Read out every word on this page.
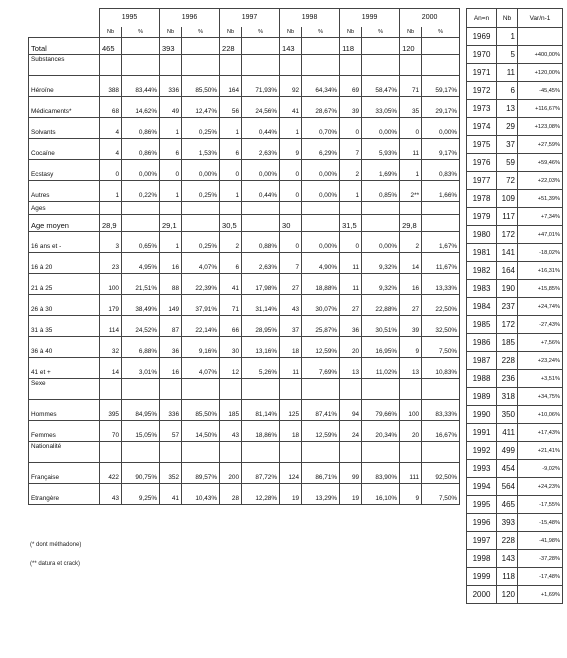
	1995		1996		1997		1998		1999		2000	
	Nb	%	Nb	%	Nb	%	Nb	%	Nb	%	Nb	%
Total	465		393		228		143		118		120	
Substances												
Héroïne	388	83,44%	336	85,50%	164	71,93%	92	64,34%	69	58,47%	71	59,17%
Médicaments*	68	14,62%	49	12,47%	56	24,56%	41	28,67%	39	33,05%	35	29,17%
Solvants	4	0,86%	1	0,25%	1	0,44%	1	0,70%	0	0,00%	0	0,00%
Cocaïne	4	0,86%	6	1,53%	6	2,63%	9	6,29%	7	5,93%	11	9,17%
Ecstasy	0	0,00%	0	0,00%	0	0,00%	0	0,00%	2	1,69%	1	0,83%
Autres	1	0,22%	1	0,25%	1	0,44%	0	0,00%	1	0,85%	2**	1,66%
Ages												
Age moyen	28,9		29,1		30,5		30		31,5		29,8	
16 ans et -	3	0,65%	1	0,25%	2	0,88%	0	0,00%	0	0,00%	2	1,67%
16 à 20	23	4,95%	16	4,07%	6	2,63%	7	4,90%	11	9,32%	14	11,67%
21 à 25	100	21,51%	88	22,39%	41	17,98%	27	18,88%	11	9,32%	16	13,33%
26 à 30	179	38,49%	149	37,91%	71	31,14%	43	30,07%	27	22,88%	27	22,50%
31 à 35	114	24,52%	87	22,14%	66	28,95%	37	25,87%	36	30,51%	39	32,50%
36 à 40	32	6,88%	36	9,16%	30	13,16%	18	12,59%	20	16,95%	9	7,50%
41 et +	14	3,01%	16	4,07%	12	5,26%	11	7,69%	13	11,02%	13	10,83%
Sexe												
Hommes	395	84,95%	336	85,50%	185	81,14%	125	87,41%	94	79,66%	100	83,33%
Femmes	70	15,05%	57	14,50%	43	18,86%	18	12,59%	24	20,34%	20	16,67%
Nationalité												
Française	422	90,75%	352	89,57%	200	87,72%	124	86,71%	99	83,90%	111	92,50%
Etrangère	43	9,25%	41	10,43%	28	12,28%	19	13,29%	19	16,10%	9	7,50%
(* dont méthadone)
(** datura et crack)
An=n	Nb	Var/n-1
1969	1	
1970	5	+400,00%
1971	11	+120,00%
1972	6	-45,45%
1973	13	+116,67%
1974	29	+123,08%
1975	37	+27,59%
1976	59	+59,46%
1977	72	+22,03%
1978	109	+51,39%
1979	117	+7,34%
1980	172	+47,01%
1981	141	-18,02%
1982	164	+16,31%
1983	190	+15,85%
1984	237	+24,74%
1985	172	-27,43%
1986	185	+7,56%
1987	228	+23,24%
1988	236	+3,51%
1989	318	+34,75%
1990	350	+10,06%
1991	411	+17,43%
1992	499	+21,41%
1993	454	-9,02%
1994	564	+24,23%
1995	465	-17,55%
1996	393	-15,48%
1997	228	-41,98%
1998	143	-37,28%
1999	118	-17,48%
2000	120	+1,69%
